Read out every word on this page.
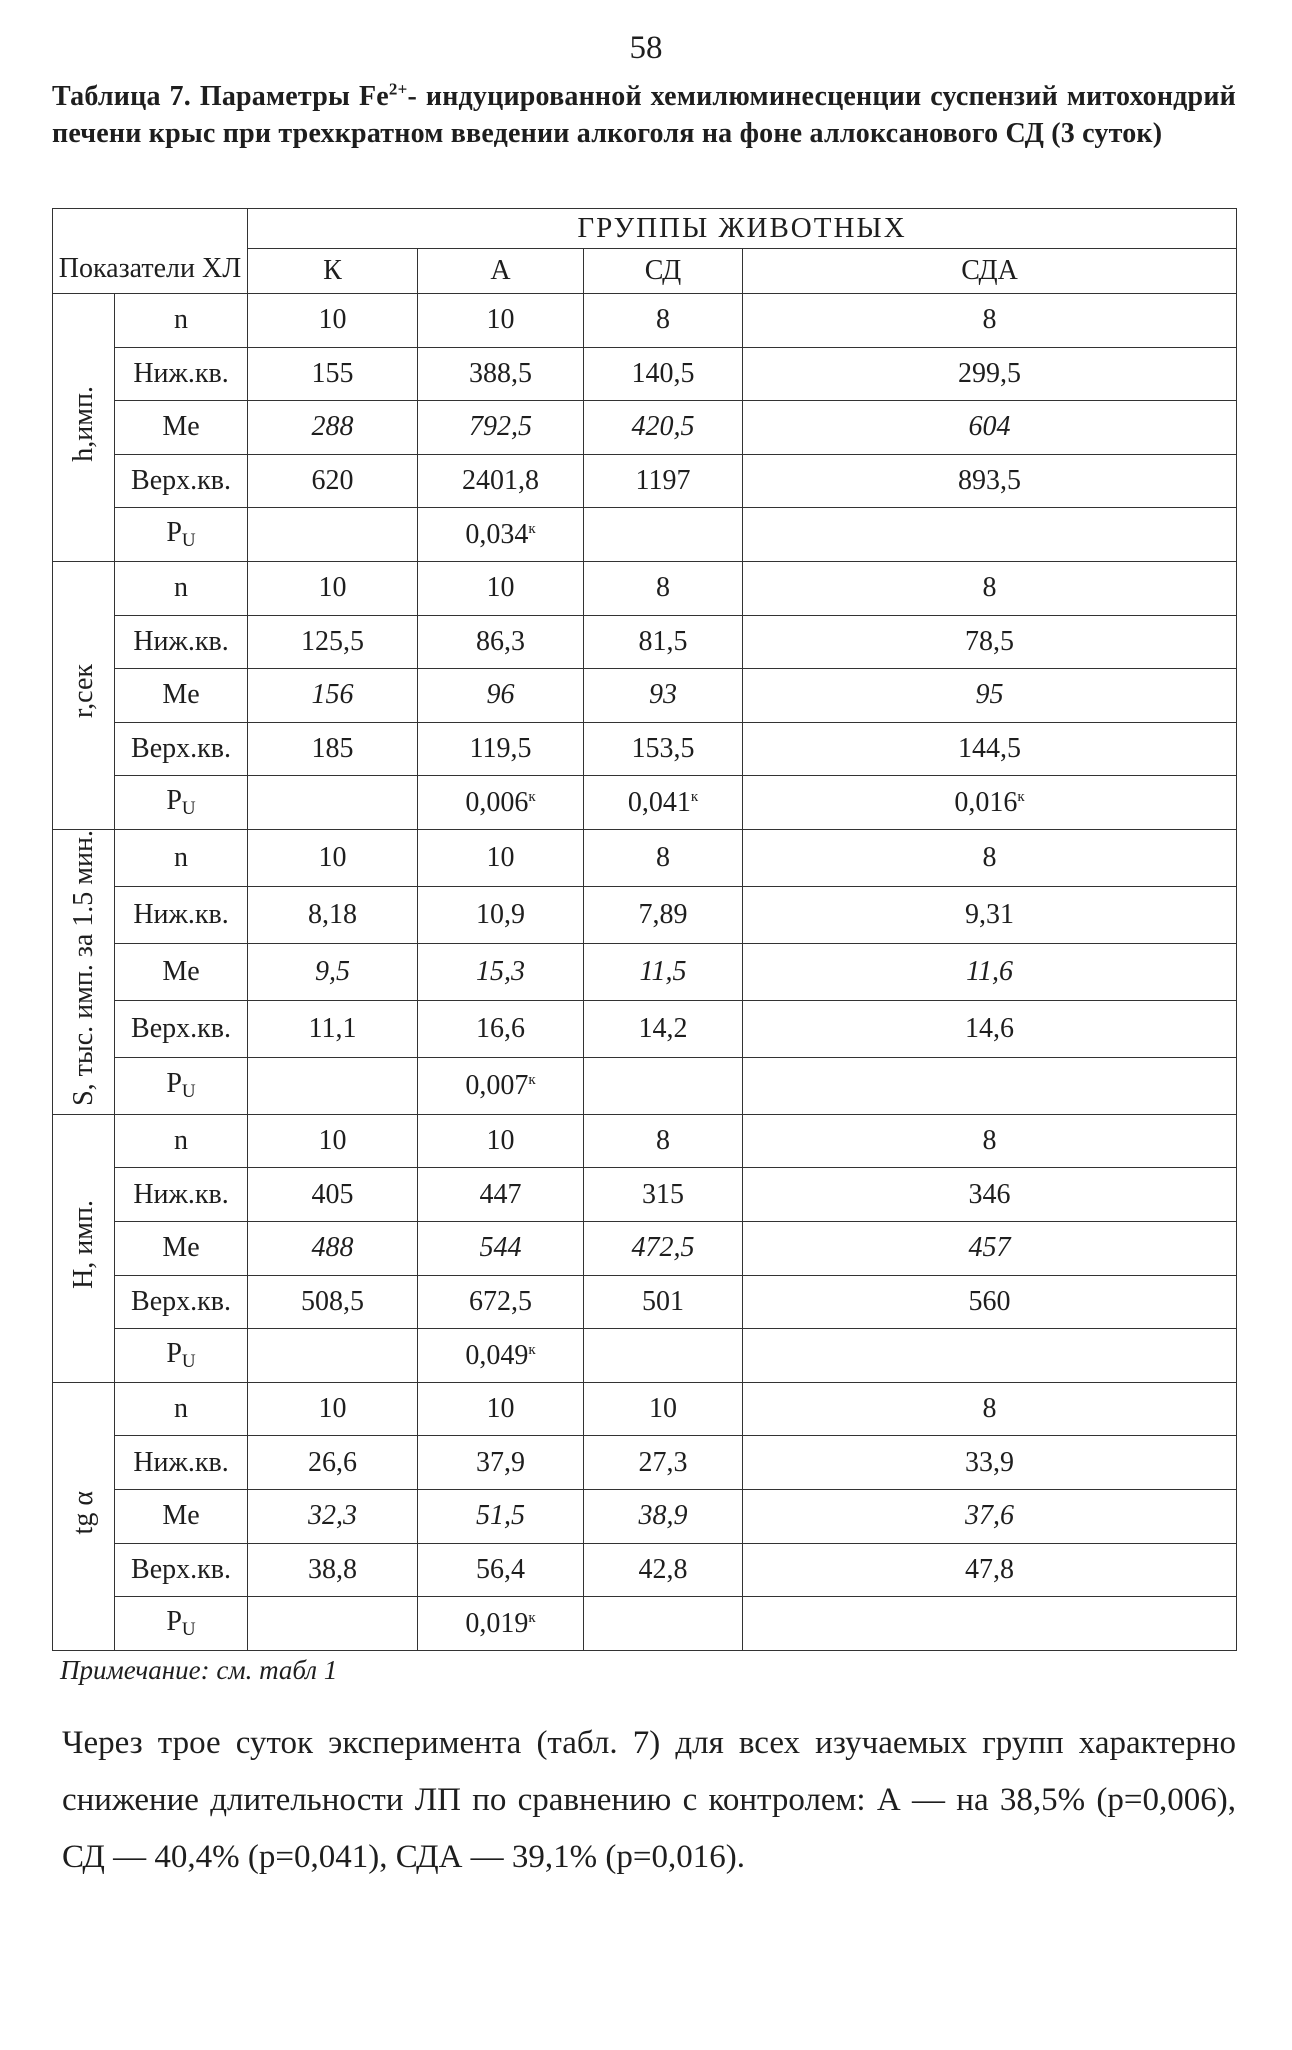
58
Таблица 7. Параметры $Fe^{2+}-$ индуцированной хемилюминесценции суспензий митохондрий печени крыс при трехкратном введении алкоголя на фоне аллоксанового СД (3 суток)
Показатели ХЛ		ГРУППЫ ЖИВОТНЫХ			
		К	А	СД	СДА
h,имп.	n	10	10	8	8
	Ниж.кв.	155	388,5	140,5	299,5
	Me	288	792,5	420,5	604
	Верх.кв.	620	2401,8	1197	893,5
	$P_U$		$0,034^к$		
r,сек	n	10	10	8	8
	Ниж.кв.	125,5	86,3	81,5	78,5
	Me	156	96	93	95
	Верх.кв.	185	119,5	153,5	144,5
	$P_U$		$0,006^к$	$0,041^к$	$0,016^к$
S, тыс. имп. за 1.5 мин.	n	10	10	8	8
	Ниж.кв.	8,18	10,9	7,89	9,31
	Me	9,5	15,3	11,5	11,6
	Верх.кв.	11,1	16,6	14,2	14,6
	$P_U$		$0,007^к$		
H, имп.	n	10	10	8	8
	Ниж.кв.	405	447	315	346
	Me	488	544	472,5	457
	Верх.кв.	508,5	672,5	501	560
	$P_U$		$0,049^к$		
tg α	n	10	10	10	8
	Ниж.кв.	26,6	37,9	27,3	33,9
	Me	32,3	51,5	38,9	37,6
	Верх.кв.	38,8	56,4	42,8	47,8
	$P_U$		$0,019^к$		
Примечание: см. табл 1
Через трое суток эксперимента (табл. 7) для всех изучаемых групп характерно снижение длительности ЛП по сравнению с контролем: А — на 38,5% (р=0,006), СД — 40,4% (р=0,041), СДА — 39,1% (р=0,016).
